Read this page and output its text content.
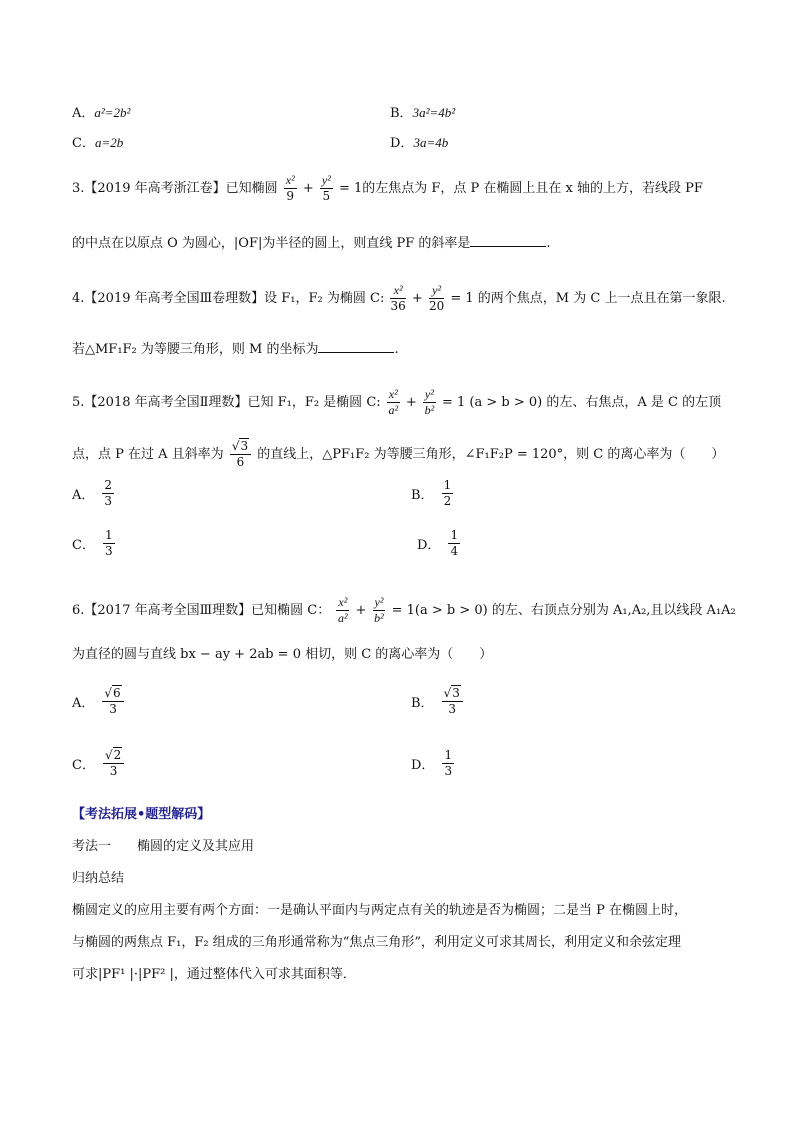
A．a²=2b²	B．3a²=4b²
C．a=2b	D．3a=4b
3.【2019 年高考浙江卷】已知椭圆 $\frac{\text{x²}}{9} + \frac{\text{y²}}{5} = 1$的左焦点为 F，点 P 在椭圆上且在 x 轴的上方，若线段 PF
的中点在以原点 O 为圆心，|OF|为半径的圆上，则直线 PF 的斜率是	.
4.【2019 年高考全国Ⅲ卷理数】设 F₁，F₂ 为椭圆 C: $\frac{\text{x²}}{36} + \frac{\text{y²}}{20} = 1$ 的两个焦点，M 为 C 上一点且在第一象限.
若△MF₁F₂ 为等腰三角形，则 M 的坐标为	.
5.【2018 年高考全国Ⅱ理数】已知 F₁，F₂ 是椭圆 C: $\frac{\text{x²}}{\text{a²}} + \frac{\text{y²}}{\text{b²}} = 1$ (a > b > 0) 的左、右焦点，A 是 C 的左顶
点，点 P 在过 A 且斜率为 $\frac{√3}{6}$ 的直线上，△PF₁F₂ 为等腰三角形，∠F₁F₂P = 120°，则 C 的离心率为（　　）
A． $\frac{2}{3}$	B． $\frac{1}{2}$
C． $\frac{1}{3}$	D． $\frac{1}{4}$
6.【2017 年高考全国Ⅲ理数】已知椭圆 C： $\frac{\text{x²}}{\text{a²}} + \frac{\text{y²}}{\text{b²}} = 1(a > b > 0)$ 的左、右顶点分别为 A₁,A₂,且以线段 A₁A₂
为直径的圆与直线 bx − ay + 2ab = 0 相切，则 C 的离心率为（　　）
A． $\frac{√6}{3}$	B． $\frac{√3}{3}$
C． $\frac{√2}{3}$	D． $\frac{1}{3}$
【考法拓展•题型解码】
考法一　　椭圆的定义及其应用
归纳总结
椭圆定义的应用主要有两个方面：一是确认平面内与两定点有关的轨迹是否为椭圆；二是当 P 在椭圆上时，
与椭圆的两焦点 F₁，F₂ 组成的三角形通常称为“焦点三角形”，利用定义可求其周长，利用定义和余弦定理
可求|PF¹ |·|PF² |，通过整体代入可求其面积等．
